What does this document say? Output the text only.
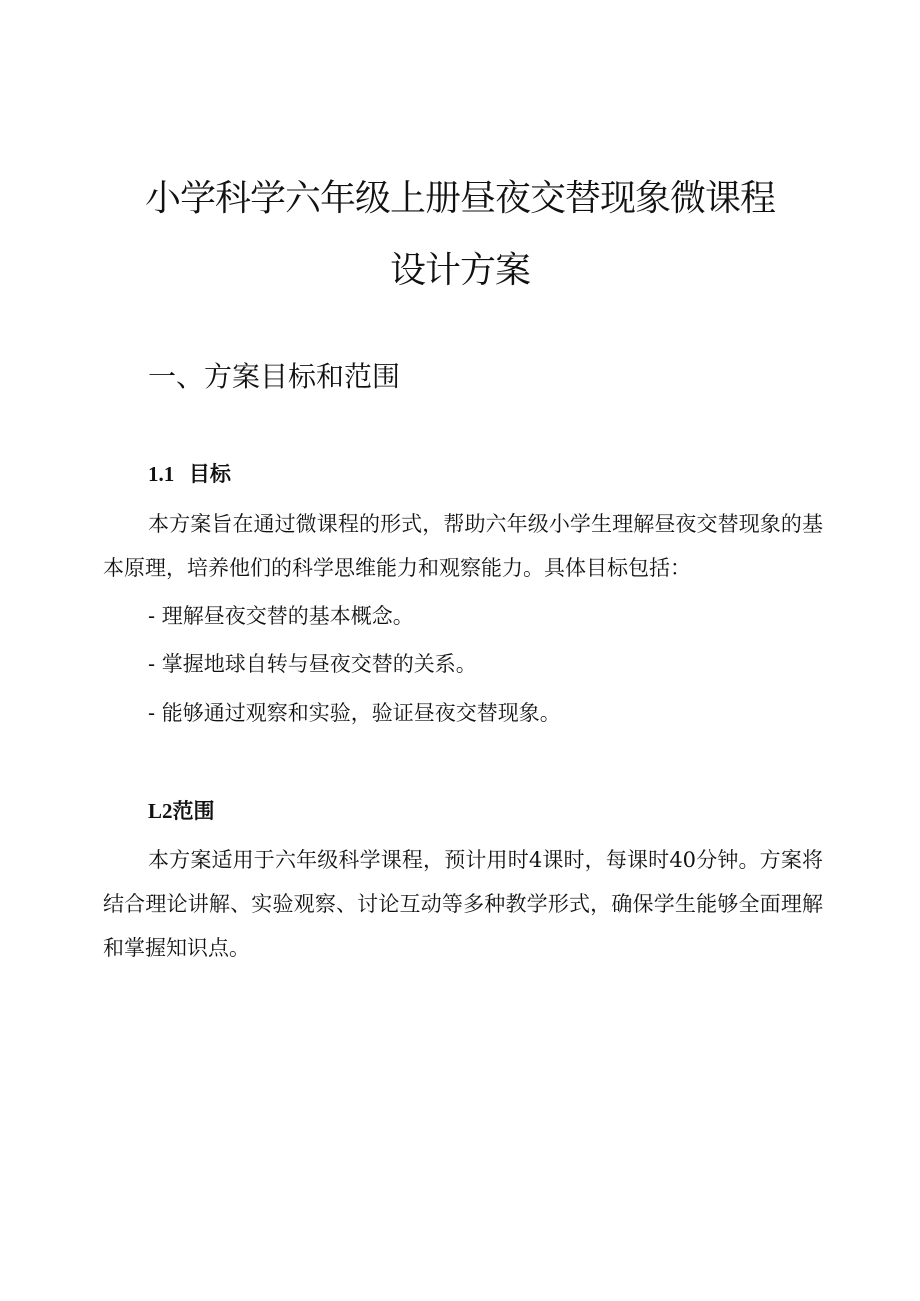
小学科学六年级上册昼夜交替现象微课程
设计方案
一、方案目标和范围
1.1 目标

本方案旨在通过微课程的形式，帮助六年级小学生理解昼夜交替现象的基本原理，培养他们的科学思维能力和观察能力。具体目标包括：

- 理解昼夜交替的基本概念。

- 掌握地球自转与昼夜交替的关系。

- 能够通过观察和实验，验证昼夜交替现象。

L2范围

本方案适用于六年级科学课程，预计用时4课时，每课时40分钟。方案将结合理论讲解、实验观察、讨论互动等多种教学形式，确保学生能够全面理解和掌握知识点。
